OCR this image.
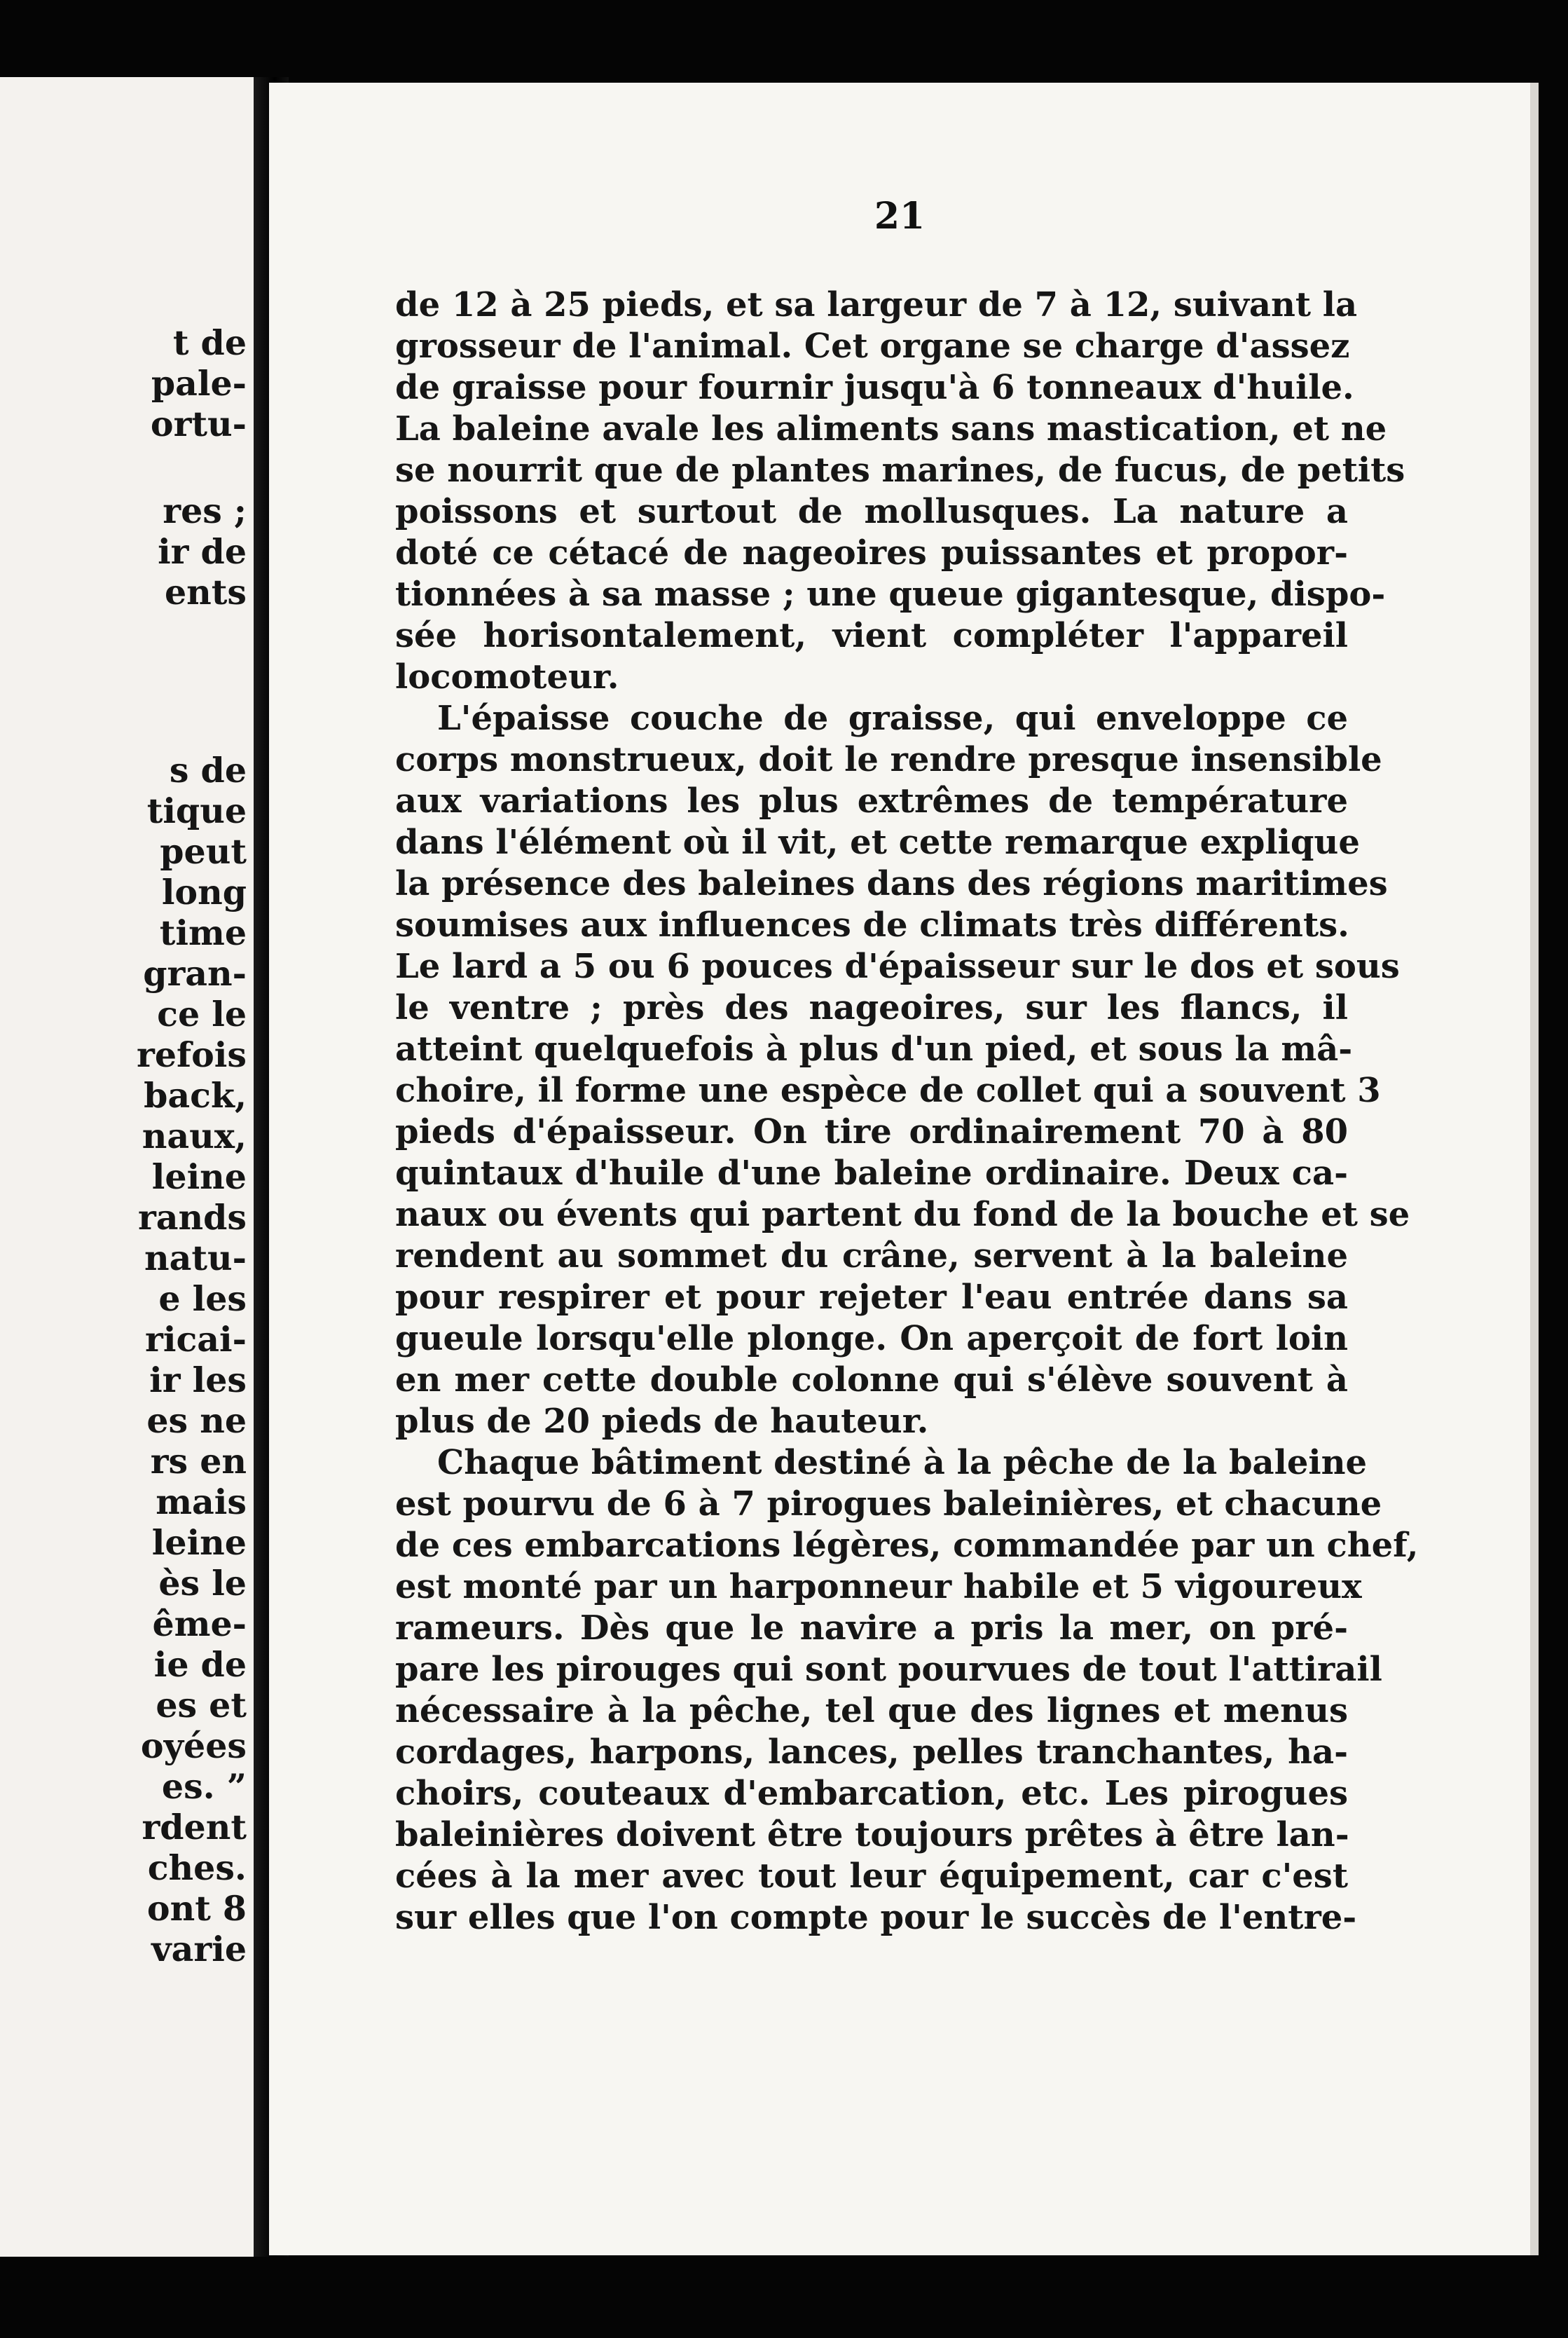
t de
pale-
ortu-
res ;
ir de
ents
s de
tique
peut
long
time
gran-
ce le
refois
back,
naux,
leine
rands
natu-
e les
ricai-
ir les
es ne
rs en
mais
leine
ès le
ême-
ie de
es et
oyées
es. ”
rdent
ches.
ont 8
varie
21
de 12 à 25 pieds, et sa largeur de 7 à 12, suivant la
grosseur de l'animal. Cet organe se charge d'assez
de graisse pour fournir jusqu'à 6 tonneaux d'huile.
La baleine avale les aliments sans mastication, et ne
se nourrit que de plantes marines, de fucus, de petits
poissons et surtout de mollusques. La nature a
doté ce cétacé de nageoires puissantes et propor-
tionnées à sa masse ; une queue gigantesque, dispo-
sée horisontalement, vient compléter l'appareil
locomoteur.
L'épaisse couche de graisse, qui enveloppe ce
corps monstrueux, doit le rendre presque insensible
aux variations les plus extrêmes de température
dans l'élément où il vit, et cette remarque explique
la présence des baleines dans des régions maritimes
soumises aux influences de climats très différents.
Le lard a 5 ou 6 pouces d'épaisseur sur le dos et sous
le ventre ; près des nageoires, sur les flancs, il
atteint quelquefois à plus d'un pied, et sous la mâ-
choire, il forme une espèce de collet qui a souvent 3
pieds d'épaisseur. On tire ordinairement 70 à 80
quintaux d'huile d'une baleine ordinaire. Deux ca-
naux ou évents qui partent du fond de la bouche et se
rendent au sommet du crâne, servent à la baleine
pour respirer et pour rejeter l'eau entrée dans sa
gueule lorsqu'elle plonge. On aperçoit de fort loin
en mer cette double colonne qui s'élève souvent à
plus de 20 pieds de hauteur.
Chaque bâtiment destiné à la pêche de la baleine
est pourvu de 6 à 7 pirogues baleinières, et chacune
de ces embarcations légères, commandée par un chef,
est monté par un harponneur habile et 5 vigoureux
rameurs. Dès que le navire a pris la mer, on pré-
pare les pirouges qui sont pourvues de tout l'attirail
nécessaire à la pêche, tel que des lignes et menus
cordages, harpons, lances, pelles tranchantes, ha-
choirs, couteaux d'embarcation, etc. Les pirogues
baleinières doivent être toujours prêtes à être lan-
cées à la mer avec tout leur équipement, car c'est
sur elles que l'on compte pour le succès de l'entre-
